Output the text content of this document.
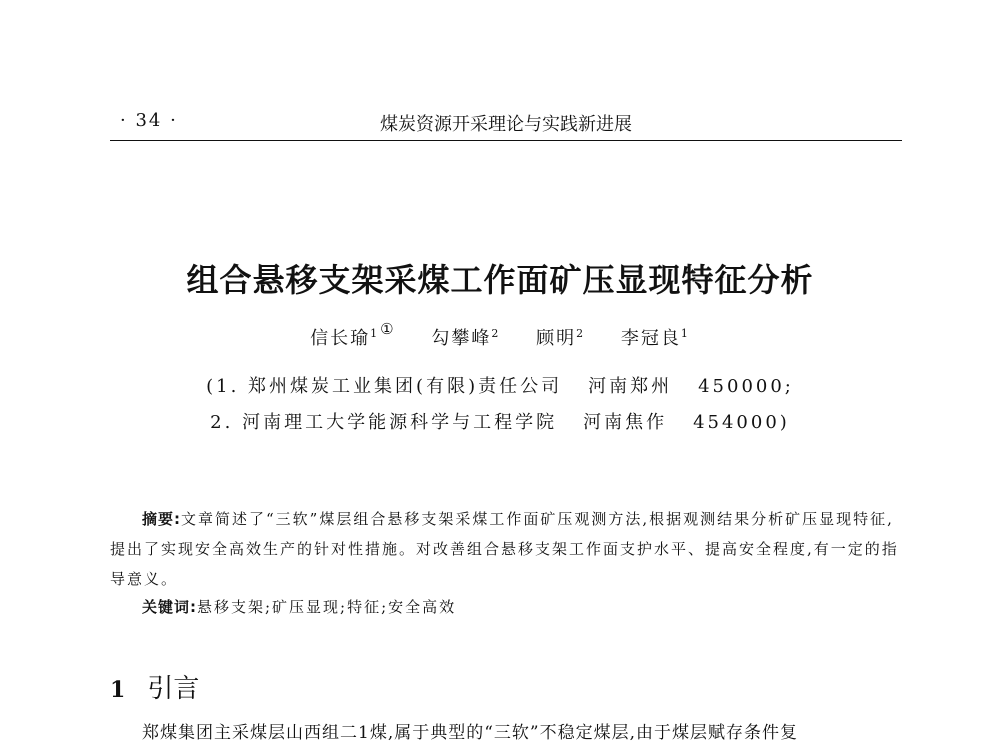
· 34 ·	煤炭资源开采理论与实践新进展
组合悬移支架采煤工作面矿压显现特征分析
信长瑜$^{1①}$ 勾攀峰$^2$ 顾明$^2$ 李冠良$^1$
(1. 郑州煤炭工业集团(有限)责任公司 河南郑州 450000;
2. 河南理工大学能源科学与工程学院 河南焦作 454000)
摘要:文章简述了“三软”煤层组合悬移支架采煤工作面矿压观测方法,根据观测结果分析矿压显现特征,提出了实现安全高效生产的针对性措施。对改善组合悬移支架工作面支护水平、提高安全程度,有一定的指导意义。
关键词:悬移支架;矿压显现;特征;安全高效
1 引言
郑煤集团主采煤层山西组二1煤,属于典型的“三软”不稳定煤层,由于煤层赋存条件复
